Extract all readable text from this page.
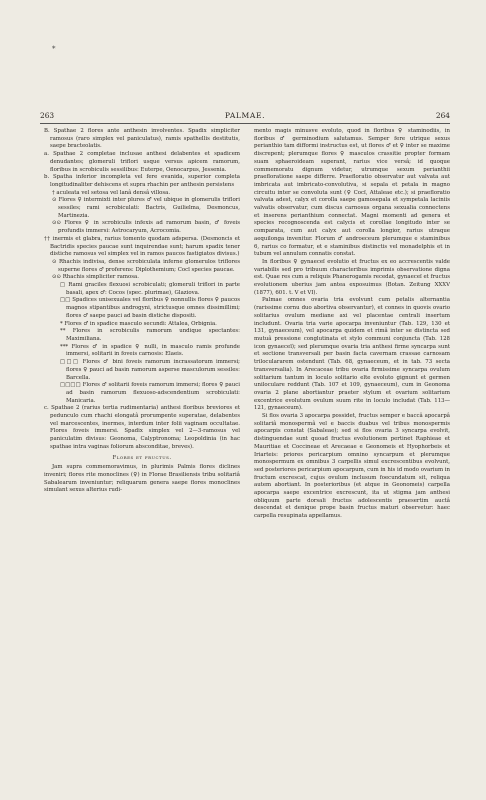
*
263	PALMAE.	264

B. Spathae 2 flores ante anthesin involventes. Spadix simpliciter ramosus (raro simplex vel paniculatus), ramis spathellis destitutis, saepe bracteolatis.

a. Spathae 2 completae inclusae anthesi delabentes et spadicem denudantes; glomeruli triflori usque versus apicem ramorum, floribus in scrobiculis sessilibus: Euterpe, Oenocarpus, Jessenia.

b. Spatha inferior incompleta vel fere evanida, superior completa longitudinaliter dehiscens et supra rhachin per anthesin persistens

† aculeata vel setosa vel lanâ densâ villosa.

⊙ Flores ♀ intermixti inter plures ♂ vel ubique in glomerulis triflori sessiles; rami scrobiculati: Bactris, Guilielma, Desmoncus, Martinezia.

⊙⊙ Flores ♀ in scrobiculis infexis ad ramorum basin, ♂ foveis profundis immersi: Astrocaryum, Acrocomia.

†† inermis et glabra, rarius tomento quodam adspersa. (Desmoncis et Bactridis species paucae sunt inquirendae sunt; harum spadix tener distiche ramosus vel simplex vel in ramos paucos fastigiatos divisus.)

⊙ Rhachis indivisa, dense scrobiculata inferne glomerulos triflores superne flores ♂ proferens: Diplothemium; Cocï species paucae.

⊙⊙ Rhachis simpliciter ramosa.

□ Rami graciles flexuosi scrobiculati; glomeruli triflori in parte basali, apex ♂: Cocos (spec. plurimae), Glaziova.

□□ Spadices unisexuales vel floribus ♀ nonnullis flores ♀ paucos magnos stipantibus androgyni, strictusque omnes dissimillimi; flores ♂ saepe pauci ad basin distiche dispositi.

* Flores ♂ in spadice masculo secundi: Attalea, Orbignia.

** Flores in scrobiculis ramorum undique spectantes: Maximiliana.

*** Flores ♂ in spadice ♀ nulli, in masculo ramis profunde immersi, solitarii in foveis carnosis: Elaeis.

□□□ Flores ♂ bini foveis ramorum incrassatorum immersi; flores ♀ pauci ad basin ramorum asperse masculorum sessiles: Barcella.

□□□□ Flores ♂ solitarii foveis ramorum immersi; flores ♀ pauci ad basin ramorum flexuoso-adscendentium scrobiculati: Manicaria.

c. Spathae 2 (rarius tertia rudimentaria) anthesi floribus breviores et pedunculo cum rhachi elongatâ prorumpente superatae, delabentes vel marcescentes, inermes, interdum inter folii vaginam occultatae. Flores foveis immersi. Spadix simplex vel 2—3-ramosus vel paniculatim divisus: Geonoma, Calyptronoma; Leopoldinia (in hac spathae intra vaginas foliorum absconditae, breves).

Flores et fructus.

Jam supra commemoravimus, in plurimis Palmis flores diclines inveniri; flores rite monoclines (♀) in Florae Brasiliensis tribu solitariâ Sabalearum inveniuntur; reliquarum genera saepe flores monoclines simulant sexus alterius rudi-

mento magis minusve evoluto, quod in floribus ♀ staminodiis, in floribus ♂ germinodium salutamus. Semper fere utrique sexus perianthio tam difformi instructus est, ut flores ♂ et ♀ inter se maxime discrepent; plerumque flores ♀ masculos crassitie propter formam suam sphaeroideam superant, rarius vice versâ; id quoque commemoratu dignum videtur, utrumque sexum perianthii praefloratione saepe differre. Praefloratio observatur aut valvata aut imbricata aut imbricato-convolutiva, si sepala et petala in magno circuitu inter se convoluta sunt (♀ Cocï, Attaleae etc.); si praefloratio valvata adest, calyx et corolla saepe gamosepala et sympetala laciniis valvatis observatur, cum discus carnosus organa sexualia connectens et inserens perianthium connectat. Magni momenti ad genera et species recognoscenda est calycis et corollae longitudo inter se comparata, cum aut calyx aut corolla longior, rarius utraque aequilonga invenitur. Florum ♂ androeceum plerumque e staminibus 6, rarius co formatur, et e staminibus distinctis vel monadelphis et in tubum vel annulum connatis constat.

In floribus ♀ gynaeceï evolutio et fructus ex eo accrescentis valde variabilis sed pro tribuum characteribus imprimis observatione digna est. Quae res cum a reliquis Phanerogamis recedat, gynaeceï et fructus evolutionem uberius jam antea exposuimus (Botan. Zeitung XXXV (1877), 601. t. V et VI).

Palmae omnes ovaria tria evolvunt cum petalis alternantia (rarissime cornu duo abortiva observantur), et connes in quovis ovario solitarius ovulum mediane axi vel placentae centrali insertum includunt. Ovaria tria varie apocarpa inveniuntur (Tab. 129, 130 et 131, gynaeceum), vel apocarpa quidem et rimâ inter se distincta sed mutuâ pressione conglutinata et stylo communi conjuncta (Tab. 128 icon gynaeceï); sed plerumque ovaria tria anthesi firme syncarpa sunt et sectione transversali per basin facta cavernam crassae carnosam triloculararem ostendunt (Tab. 68, gynaeceum, et in tab. 73 secta transversalia). In Arecaceae tribu ovaria firmissime syncarpa ovulum solitarium tantum in loculo solitario elte evoluto gignunt et germen uniloculare reddunt (Tab. 107 et 109, gynaeceum), cum in Geonoma ovaria 2 plane abortiantur praeter stylum et ovarium solitarium excentrice evolutum ovulum suum rite in loculo includat (Tab. 113—121, gynaeceum).

Si flos ovaria 3 apocarpa possidet, fructus semper e baccâ apocarpâ solitariâ monospermâ vel e baccis duabus vel tribus monospermis apocarpis constat (Sabaleae); sed si flos ovaria 3 syncarpa evolvit, distinguendae sunt quoad fructus evolutionem pertinet Raphieae et Mauritiae et Coccineae et Arecaeae e Geonomeis et Hyophorbeis et Iriarteis: priores pericarpium omnino syncarpum et plerumque monospermum ex omnibus 3 carpellis simul excrescentibus evolvunt, sed posteriores pericarpium apocarpum, cum in his id modo ovarium in fructum excrescat, cujus ovulum inclusum foecundatum sit, reliqua autem abortiant. In posterioribus (et atque in Geonomeis) carpella apocarpa saepe excentrice excrescunt, ita ut stigma jam anthesi obliquum parte dorsali fructus adolescentis praesertim auctâ descendat et denique prope basin fructus maturi observetur: haec carpella resupinata appellamus.
